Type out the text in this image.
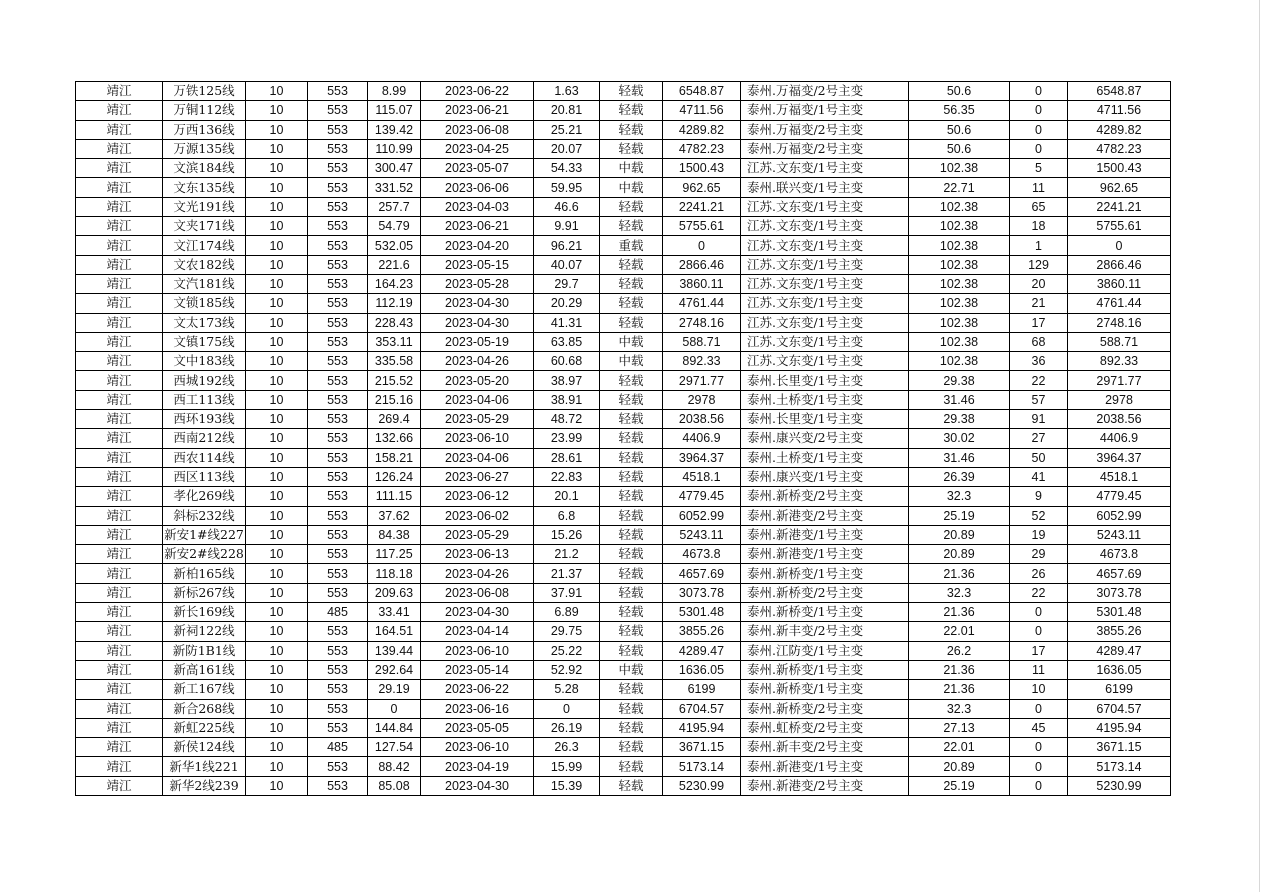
靖江	万铁125线	10	553	8.99	2023-06-22	1.63	轻载	6548.87	泰州.万福变/2号主变	50.6	0	6548.87
靖江	万铜112线	10	553	115.07	2023-06-21	20.81	轻载	4711.56	泰州.万福变/1号主变	56.35	0	4711.56
靖江	万西136线	10	553	139.42	2023-06-08	25.21	轻载	4289.82	泰州.万福变/2号主变	50.6	0	4289.82
靖江	万源135线	10	553	110.99	2023-04-25	20.07	轻载	4782.23	泰州.万福变/2号主变	50.6	0	4782.23
靖江	文滨184线	10	553	300.47	2023-05-07	54.33	中载	1500.43	江苏.文东变/1号主变	102.38	5	1500.43
靖江	文东135线	10	553	331.52	2023-06-06	59.95	中载	962.65	泰州.联兴变/1号主变	22.71	11	962.65
靖江	文光191线	10	553	257.7	2023-04-03	46.6	轻载	2241.21	江苏.文东变/1号主变	102.38	65	2241.21
靖江	文夹171线	10	553	54.79	2023-06-21	9.91	轻载	5755.61	江苏.文东变/1号主变	102.38	18	5755.61
靖江	文江174线	10	553	532.05	2023-04-20	96.21	重载	0	江苏.文东变/1号主变	102.38	1	0
靖江	文农182线	10	553	221.6	2023-05-15	40.07	轻载	2866.46	江苏.文东变/1号主变	102.38	129	2866.46
靖江	文汽181线	10	553	164.23	2023-05-28	29.7	轻载	3860.11	江苏.文东变/1号主变	102.38	20	3860.11
靖江	文锁185线	10	553	112.19	2023-04-30	20.29	轻载	4761.44	江苏.文东变/1号主变	102.38	21	4761.44
靖江	文太173线	10	553	228.43	2023-04-30	41.31	轻载	2748.16	江苏.文东变/1号主变	102.38	17	2748.16
靖江	文镇175线	10	553	353.11	2023-05-19	63.85	中载	588.71	江苏.文东变/1号主变	102.38	68	588.71
靖江	文中183线	10	553	335.58	2023-04-26	60.68	中载	892.33	江苏.文东变/1号主变	102.38	36	892.33
靖江	西城192线	10	553	215.52	2023-05-20	38.97	轻载	2971.77	泰州.长里变/1号主变	29.38	22	2971.77
靖江	西工113线	10	553	215.16	2023-04-06	38.91	轻载	2978	泰州.土桥变/1号主变	31.46	57	2978
靖江	西环193线	10	553	269.4	2023-05-29	48.72	轻载	2038.56	泰州.长里变/1号主变	29.38	91	2038.56
靖江	西南212线	10	553	132.66	2023-06-10	23.99	轻载	4406.9	泰州.康兴变/2号主变	30.02	27	4406.9
靖江	西农114线	10	553	158.21	2023-04-06	28.61	轻载	3964.37	泰州.土桥变/1号主变	31.46	50	3964.37
靖江	西区113线	10	553	126.24	2023-06-27	22.83	轻载	4518.1	泰州.康兴变/1号主变	26.39	41	4518.1
靖江	孝化269线	10	553	111.15	2023-06-12	20.1	轻载	4779.45	泰州.新桥变/2号主变	32.3	9	4779.45
靖江	斜标232线	10	553	37.62	2023-06-02	6.8	轻载	6052.99	泰州.新港变/2号主变	25.19	52	6052.99
靖江	新安1#线227	10	553	84.38	2023-05-29	15.26	轻载	5243.11	泰州.新港变/1号主变	20.89	19	5243.11
靖江	新安2#线228	10	553	117.25	2023-06-13	21.2	轻载	4673.8	泰州.新港变/1号主变	20.89	29	4673.8
靖江	新柏165线	10	553	118.18	2023-04-26	21.37	轻载	4657.69	泰州.新桥变/1号主变	21.36	26	4657.69
靖江	新标267线	10	553	209.63	2023-06-08	37.91	轻载	3073.78	泰州.新桥变/2号主变	32.3	22	3073.78
靖江	新长169线	10	485	33.41	2023-04-30	6.89	轻载	5301.48	泰州.新桥变/1号主变	21.36	0	5301.48
靖江	新祠122线	10	553	164.51	2023-04-14	29.75	轻载	3855.26	泰州.新丰变/2号主变	22.01	0	3855.26
靖江	新防1B1线	10	553	139.44	2023-06-10	25.22	轻载	4289.47	泰州.江防变/1号主变	26.2	17	4289.47
靖江	新高161线	10	553	292.64	2023-05-14	52.92	中载	1636.05	泰州.新桥变/1号主变	21.36	11	1636.05
靖江	新工167线	10	553	29.19	2023-06-22	5.28	轻载	6199	泰州.新桥变/1号主变	21.36	10	6199
靖江	新合268线	10	553	0	2023-06-16	0	轻载	6704.57	泰州.新桥变/2号主变	32.3	0	6704.57
靖江	新虹225线	10	553	144.84	2023-05-05	26.19	轻载	4195.94	泰州.虹桥变/2号主变	27.13	45	4195.94
靖江	新侯124线	10	485	127.54	2023-06-10	26.3	轻载	3671.15	泰州.新丰变/2号主变	22.01	0	3671.15
靖江	新华1线221	10	553	88.42	2023-04-19	15.99	轻载	5173.14	泰州.新港变/1号主变	20.89	0	5173.14
靖江	新华2线239	10	553	85.08	2023-04-30	15.39	轻载	5230.99	泰州.新港变/2号主变	25.19	0	5230.99
